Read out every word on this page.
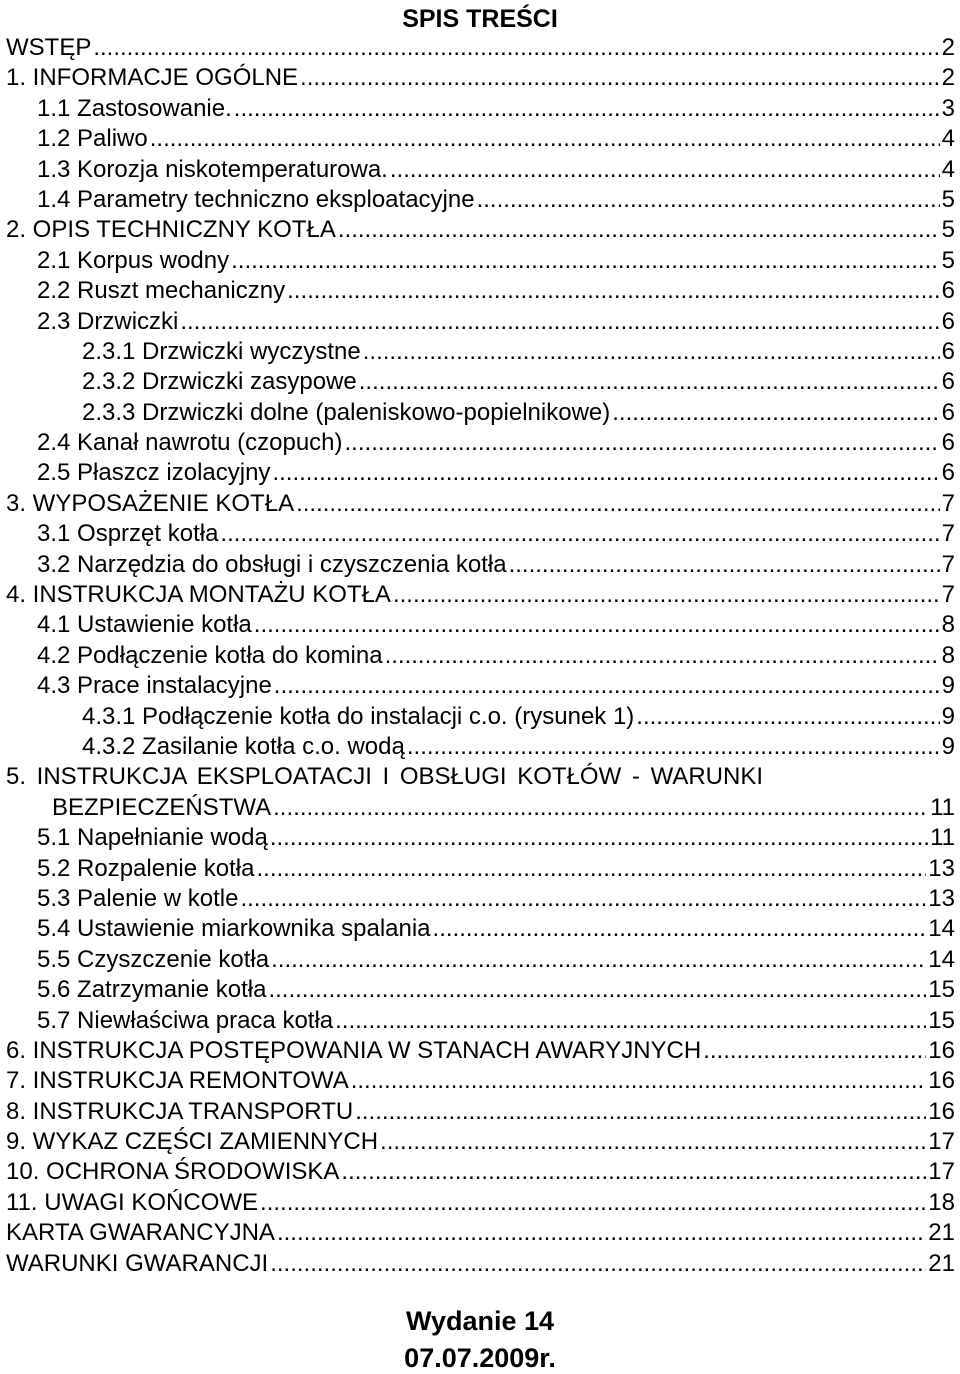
SPIS TREŚCI
WSTĘP .....	2
1. INFORMACJE OGÓLNE .....	2
1.1 Zastosowanie. .....	3
1.2 Paliwo .....	4
1.3 Korozja niskotemperaturowa. .....	4
1.4 Parametry techniczno eksploatacyjne .....	5
2. OPIS TECHNICZNY KOTŁA .....	5
2.1 Korpus wodny .....	5
2.2 Ruszt mechaniczny .....	6
2.3 Drzwiczki .....	6
2.3.1 Drzwiczki wyczystne .....	6
2.3.2 Drzwiczki zasypowe .....	6
2.3.3 Drzwiczki dolne (paleniskowo-popielnikowe) .....	6
2.4 Kanał nawrotu (czopuch) .....	6
2.5 Płaszcz izolacyjny .....	6
3. WYPOSAŻENIE KOTŁA .....	7
3.1 Osprzęt kotła .....	7
3.2 Narzędzia do obsługi i czyszczenia kotła .....	7
4. INSTRUKCJA MONTAŻU KOTŁA .....	7
4.1 Ustawienie kotła .....	8
4.2 Podłączenie kotła do komina .....	8
4.3 Prace instalacyjne .....	9
4.3.1 Podłączenie kotła do instalacji c.o. (rysunek 1) .....	9
4.3.2 Zasilanie kotła c.o. wodą .....	9
5. INSTRUKCJA EKSPLOATACJI I OBSŁUGI KOTŁÓW - WARUNKI
BEZPIECZEŃSTWA .....	11
5.1 Napełnianie wodą .....	11
5.2 Rozpalenie kotła .....	13
5.3 Palenie w kotle .....	13
5.4 Ustawienie miarkownika spalania .....	14
5.5 Czyszczenie kotła .....	14
5.6 Zatrzymanie kotła .....	15
5.7 Niewłaściwa praca kotła .....	15
6. INSTRUKCJA POSTĘPOWANIA W STANACH AWARYJNYCH .....	16
7. INSTRUKCJA REMONTOWA .....	16
8. INSTRUKCJA TRANSPORTU .....	16
9. WYKAZ CZĘŚCI ZAMIENNYCH .....	17
10. OCHRONA ŚRODOWISKA .....	17
11. UWAGI KOŃCOWE .....	18
KARTA GWARANCYJNA .....	21
WARUNKI GWARANCJI .....	21
Wydanie 14
07.07.2009r.
